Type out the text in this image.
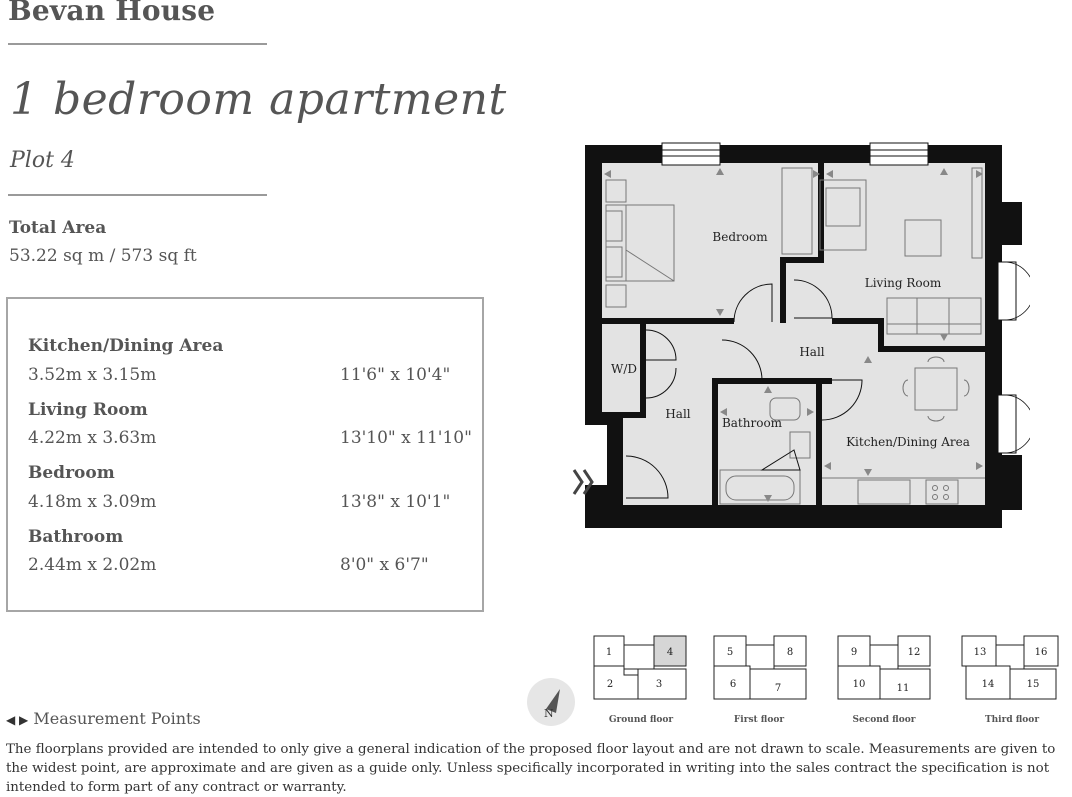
Bevan House
1 bedroom apartment
Plot 4
Total Area
53.22 sq m / 573 sq ft
Kitchen/Dining Area
3.52m x 3.15m	11'6" x 10'4"
Living Room
4.22m x 3.63m	13'10" x 11'10"
Bedroom
4.18m x 3.09m	13'8" x 10'1"
Bathroom
2.44m x 2.02m	8'0" x 6'7"
Bedroom
Living Room
Hall
W/D
Hall
Bathroom
Kitchen/Dining Area
N
1	4
2	3
5	8
6	7
9	12
10	11
13	16
14	15
Ground floor	First floor	Second floor	Third floor
◀ ▶ Measurement Points
The floorplans provided are intended to only give a general indication of the proposed floor layout and are not drawn to scale. Measurements are given to the widest point, are approximate and are given as a guide only. Unless specifically incorporated in writing into the sales contract the specification is not intended to form part of any contract or warranty.
